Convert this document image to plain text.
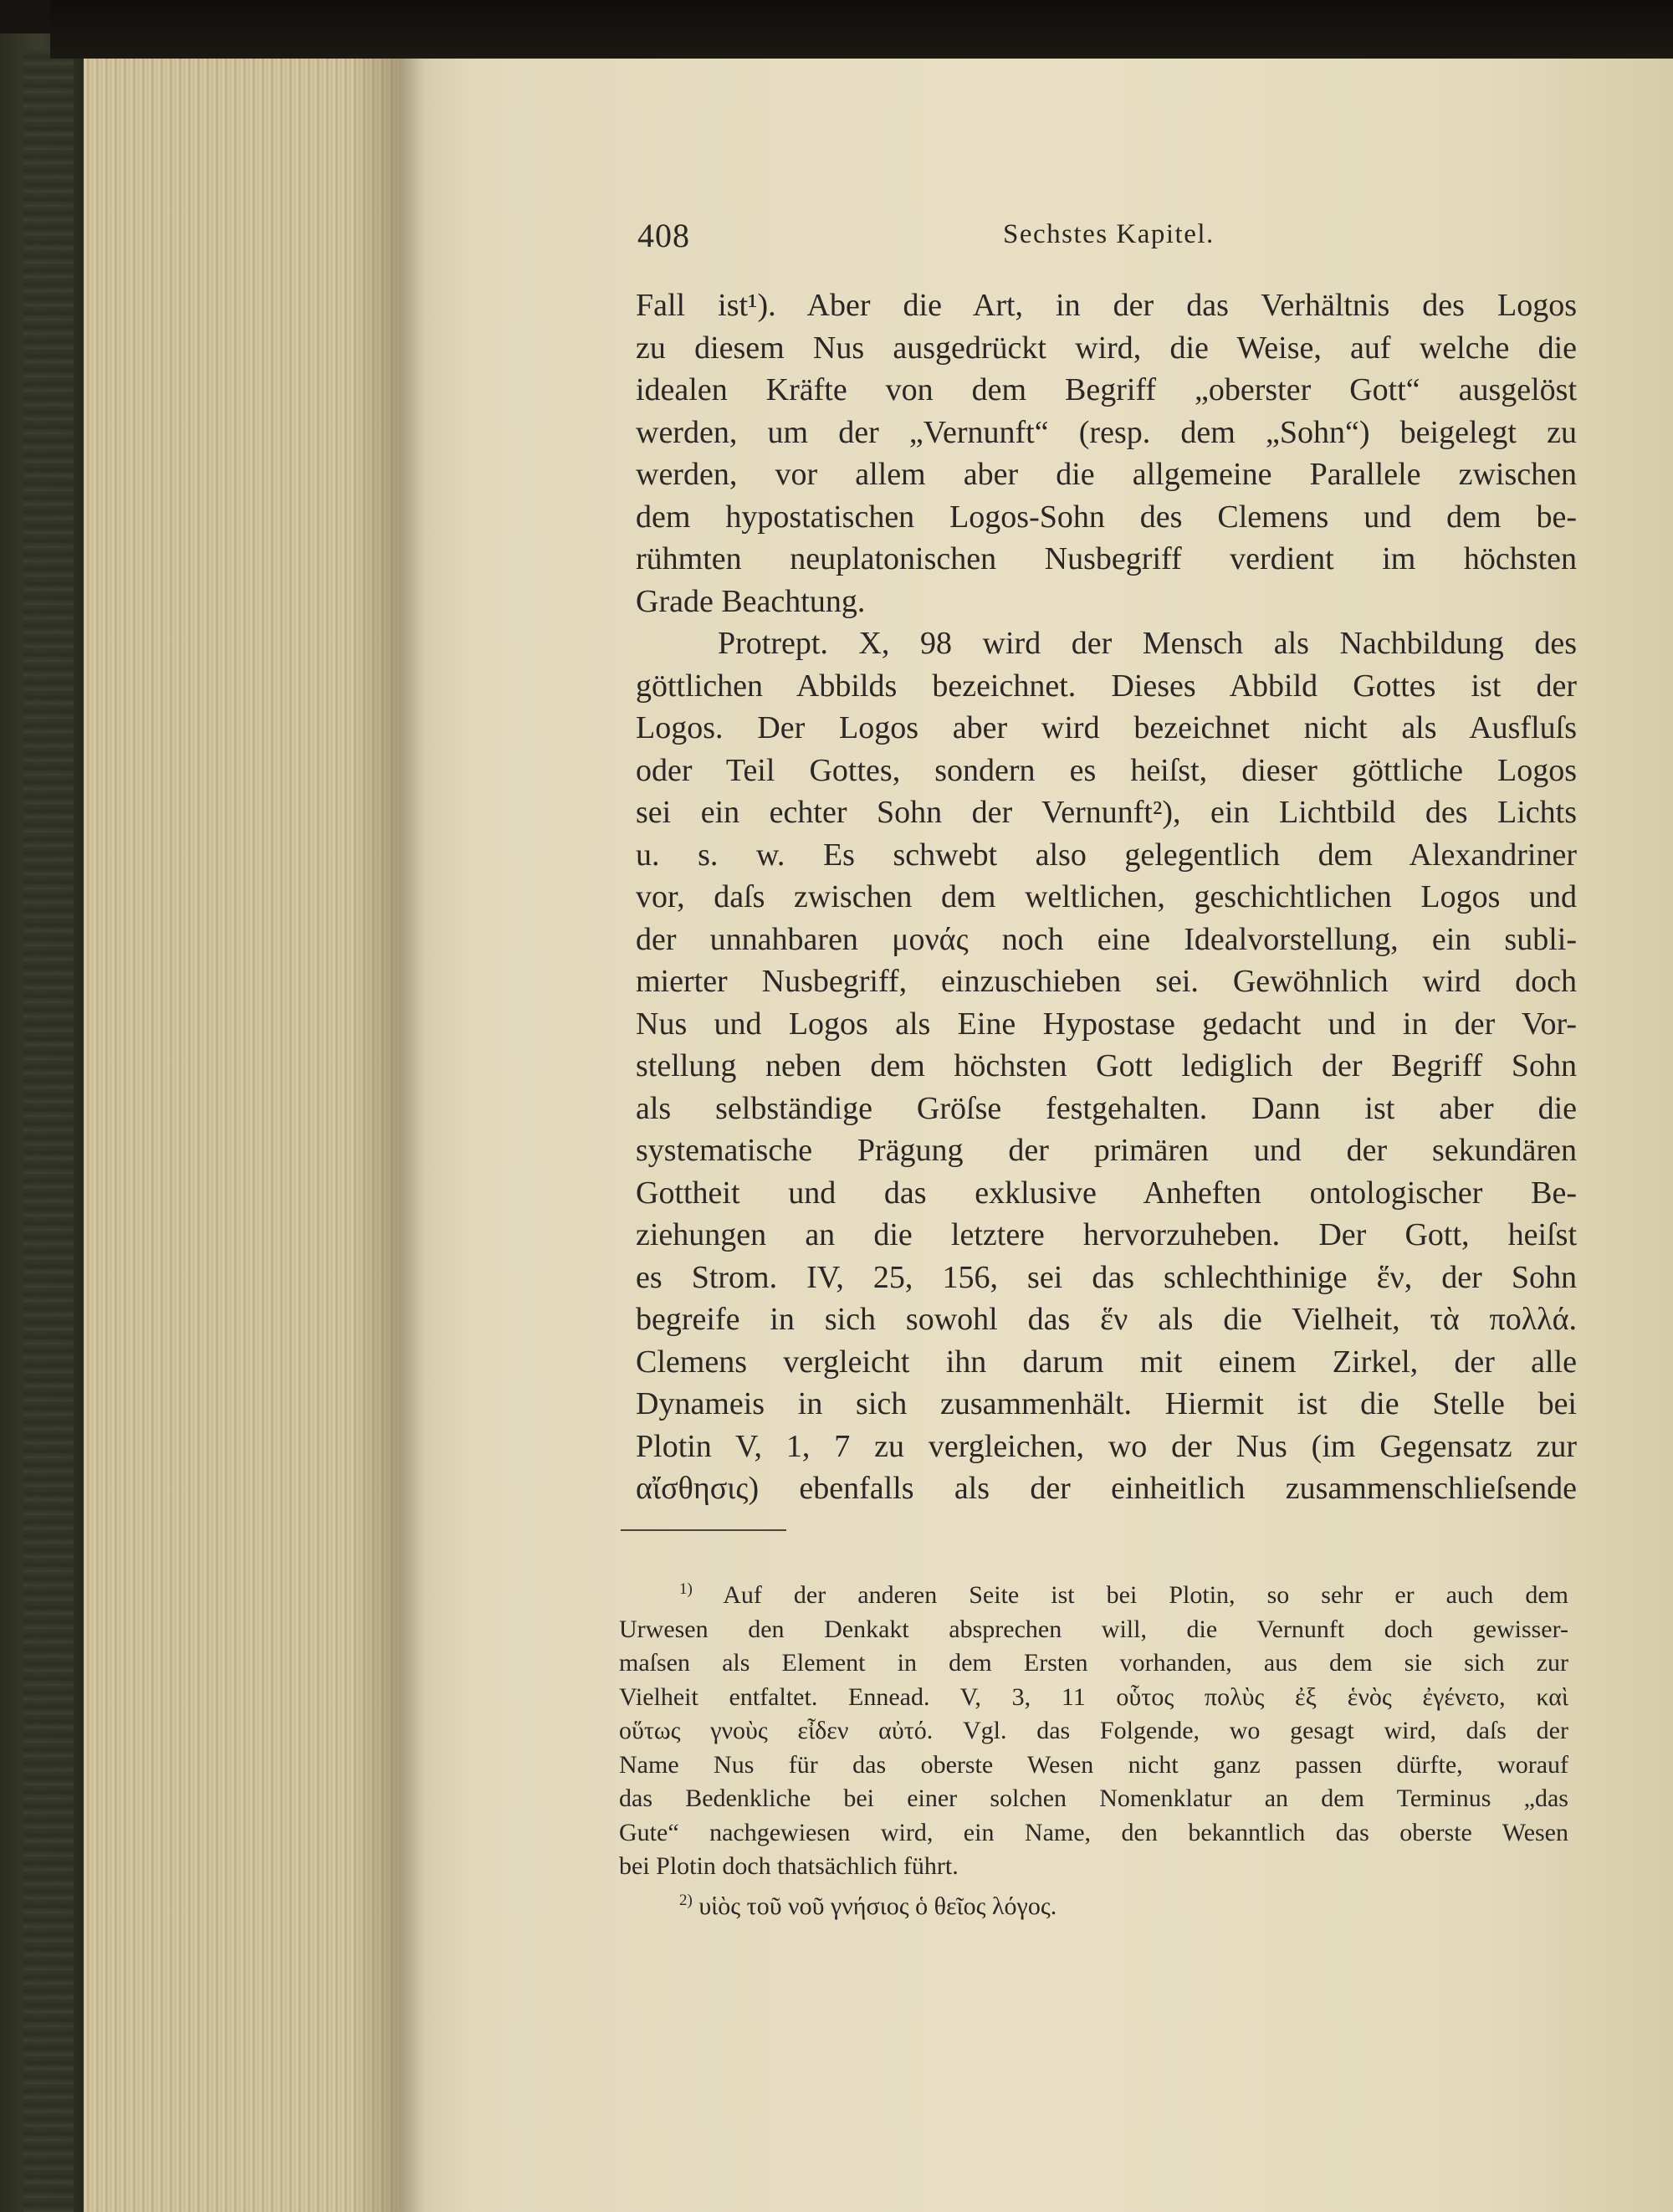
408	Sechstes Kapitel.
Fall ist¹). Aber die Art, in der das Verhältnis des Logos
zu diesem Nus ausgedrückt wird, die Weise, auf welche die
idealen Kräfte von dem Begriff „oberster Gott“ ausgelöst
werden, um der „Vernunft“ (resp. dem „Sohn“) beigelegt zu
werden, vor allem aber die allgemeine Parallele zwischen
dem hypostatischen Logos-Sohn des Clemens und dem be-
rühmten neuplatonischen Nusbegriff verdient im höchsten
Grade Beachtung.
Protrept. X, 98 wird der Mensch als Nachbildung des
göttlichen Abbilds bezeichnet. Dieses Abbild Gottes ist der
Logos. Der Logos aber wird bezeichnet nicht als Ausfluſs
oder Teil Gottes, sondern es heiſst, dieser göttliche Logos
sei ein echter Sohn der Vernunft²), ein Lichtbild des Lichts
u. s. w. Es schwebt also gelegentlich dem Alexandriner
vor, daſs zwischen dem weltlichen, geschichtlichen Logos und
der unnahbaren μονάς noch eine Idealvorstellung, ein subli-
mierter Nusbegriff, einzuschieben sei. Gewöhnlich wird doch
Nus und Logos als Eine Hypostase gedacht und in der Vor-
stellung neben dem höchsten Gott lediglich der Begriff Sohn
als selbständige Gröſse festgehalten. Dann ist aber die
systematische Prägung der primären und der sekundären
Gottheit und das exklusive Anheften ontologischer Be-
ziehungen an die letztere hervorzuheben. Der Gott, heiſst
es Strom. IV, 25, 156, sei das schlechthinige ἕν, der Sohn
begreife in sich sowohl das ἕν als die Vielheit, τὰ πολλά.
Clemens vergleicht ihn darum mit einem Zirkel, der alle
Dynameis in sich zusammenhält. Hiermit ist die Stelle bei
Plotin V, 1, 7 zu vergleichen, wo der Nus (im Gegensatz zur
αἴσθησις) ebenfalls als der einheitlich zusammenschlieſsende
$^{1)}$ Auf der anderen Seite ist bei Plotin, so sehr er auch dem
Urwesen den Denkakt absprechen will, die Vernunft doch gewisser-
maſsen als Element in dem Ersten vorhanden, aus dem sie sich zur
Vielheit entfaltet. Ennead. V, 3, 11 οὗτος πολὺς ἐξ ἑνὸς ἐγένετο, καὶ
οὕτως γνοὺς εἶδεν αὐτό. Vgl. das Folgende, wo gesagt wird, daſs der
Name Nus für das oberste Wesen nicht ganz passen dürfte, worauf
das Bedenkliche bei einer solchen Nomenklatur an dem Terminus „das
Gute“ nachgewiesen wird, ein Name, den bekanntlich das oberste Wesen
bei Plotin doch thatsächlich führt.
$^{2)}$ υἱὸς τοῦ νοῦ γνήσιος ὁ θεῖος λόγος.
